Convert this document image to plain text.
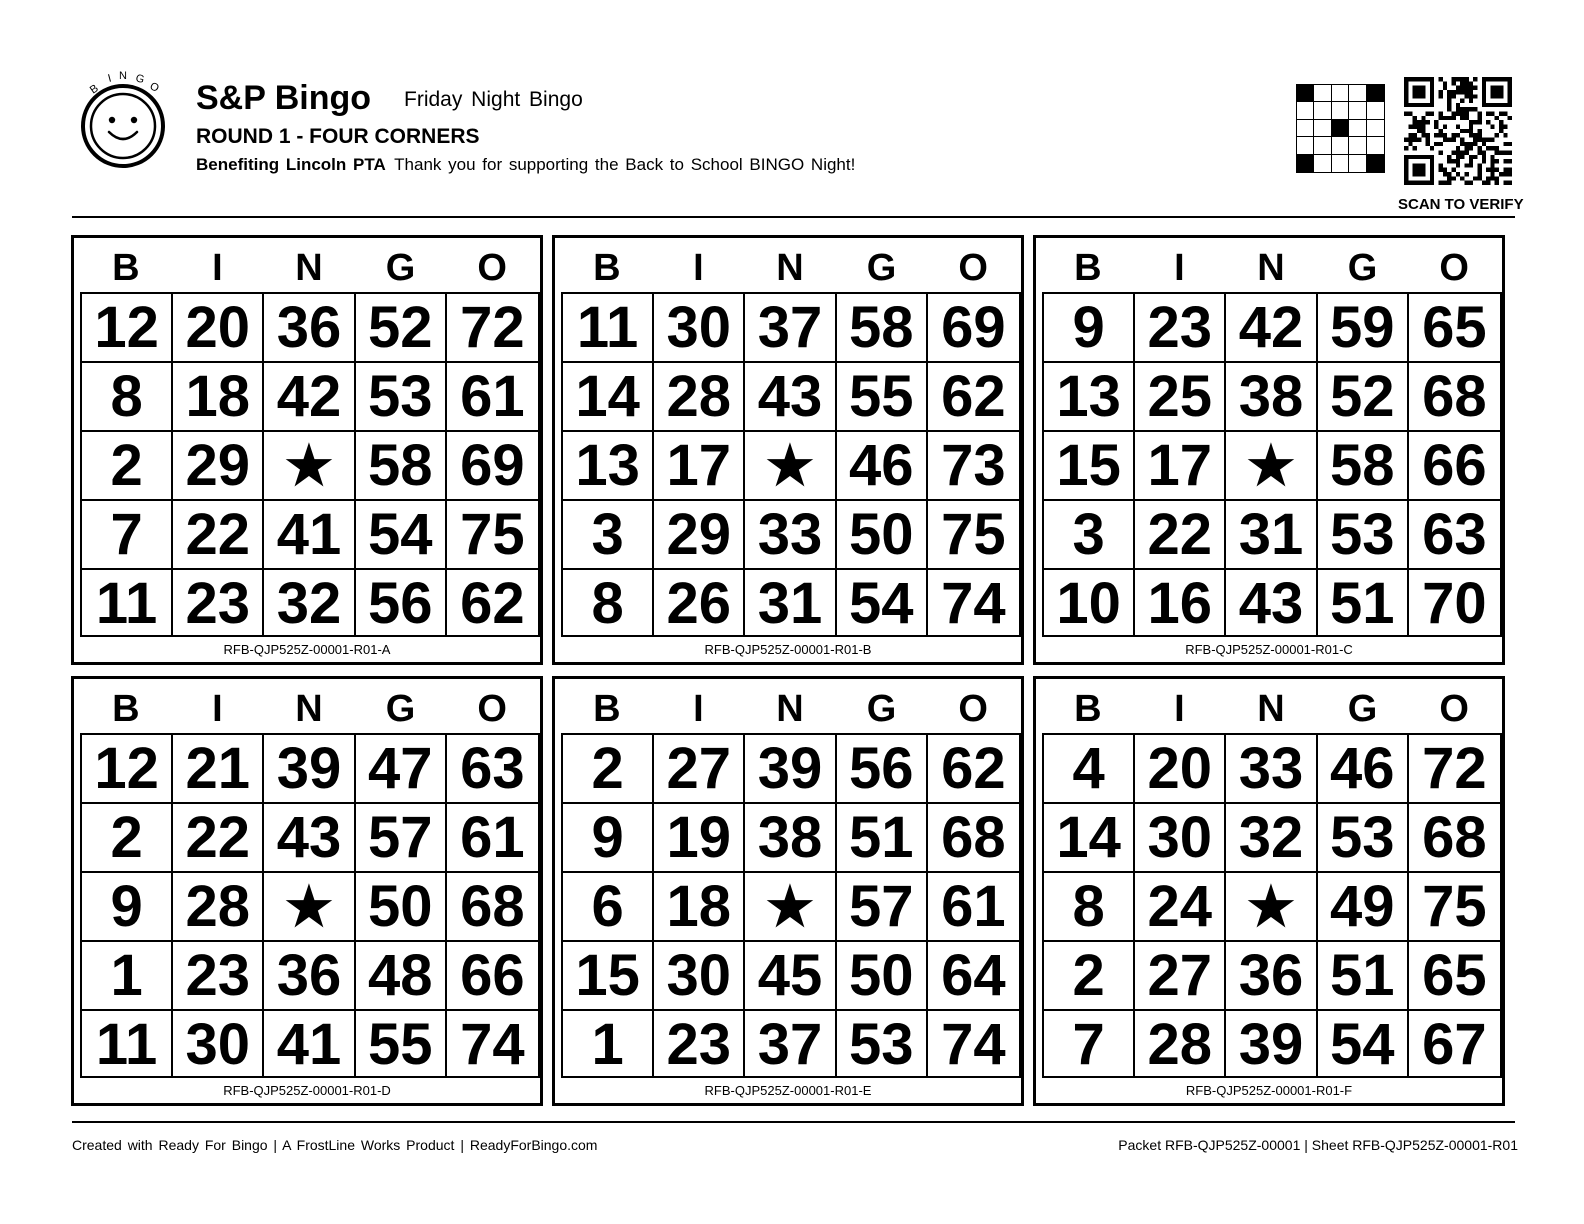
B
I N G
O S&P Bingo Friday Night Bingo
ROUND 1 - FOUR CORNERS
Benefiting Lincoln PTA Thank you for supporting the Back to School BINGO Night!
SCAN TO VERIFY
B	I	N	G	O
12 20 36 52 72
8 18 42 53 61
2 29 ★ 58 69
7 22 41 54 75
11 23 32 56 62
RFB-QJP525Z-00001-R01-A
B	I	N	G	O
11 30 37 58 69
14 28 43 55 62
13 17 ★ 46 73
3 29 33 50 75
8 26 31 54 74
RFB-QJP525Z-00001-R01-B
B	I	N	G	O
9 23 42 59 65
13 25 38 52 68
15 17 ★ 58 66
3 22 31 53 63
10 16 43 51 70
RFB-QJP525Z-00001-R01-C
B	I	N	G	O
12 21 39 47 63
2 22 43 57 61
9 28 ★ 50 68
1 23 36 48 66
11 30 41 55 74
RFB-QJP525Z-00001-R01-D
B	I	N	G	O
2 27 39 56 62
9 19 38 51 68
6 18 ★ 57 61
15 30 45 50 64
1 23 37 53 74
RFB-QJP525Z-00001-R01-E
B	I	N	G	O
4 20 33 46 72
14 30 32 53 68
8 24 ★ 49 75
2 27 36 51 65
7 28 39 54 67
RFB-QJP525Z-00001-R01-F
Created with Ready For Bingo | A FrostLine Works Product | ReadyForBingo.com	Packet RFB-QJP525Z-00001 | Sheet RFB-QJP525Z-00001-R01
